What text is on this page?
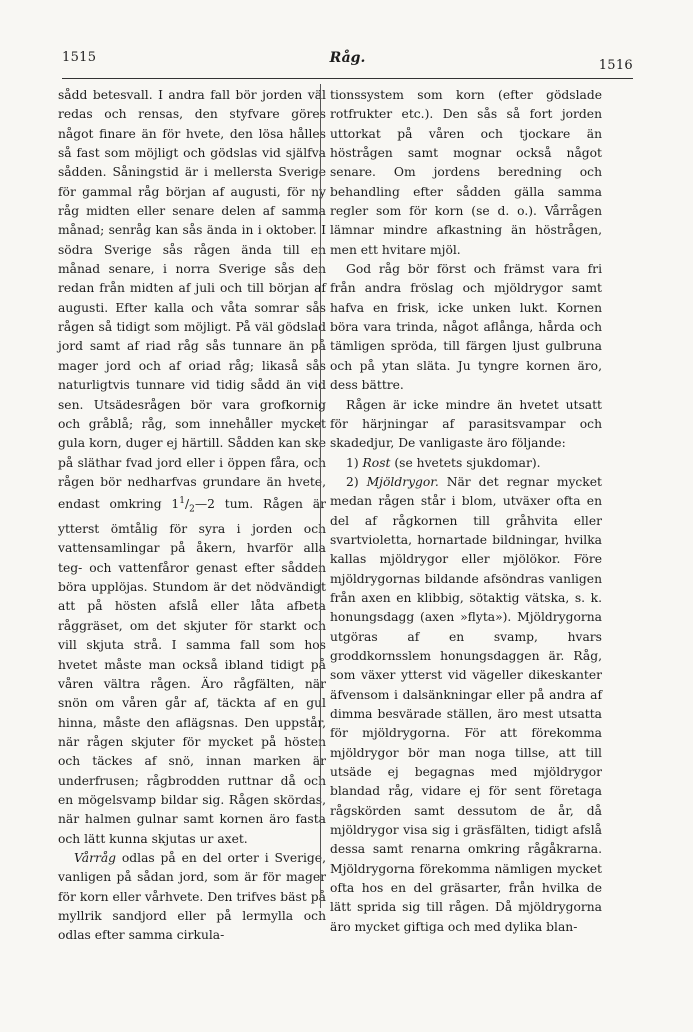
1515	Råg.	1516

sådd betesvall. I andra fall bör jorden väl redas och rensas, den styfvare göres något finare än för hvete, den lösa hålles så fast som möjligt och gödslas vid själfva sådden. Såningstid är i mellersta Sverige för gammal råg början af augusti, för ny råg midten eller senare delen af samma månad; senråg kan sås ända in i oktober. I södra Sverige sås rågen ända till en månad senare, i norra Sverige sås den redan från midten af juli och till början af augusti. Efter kalla och våta somrar sås rågen så tidigt som möjligt. På väl gödslad jord samt af riad råg sås tunnare än på mager jord och af oriad råg; likaså sås naturligtvis tunnare vid tidig sådd än vid sen. Utsädesrågen bör vara grofkornig och gråblå; råg, som innehåller mycket gula korn, duger ej härtill. Sådden kan ske på släthar fvad jord eller i öppen fåra, och rågen bör nedharfvas grundare än hvete, endast omkring $1^1/_2—2$ tum. Rågen är ytterst ömtålig för syra i jorden och vattensamlingar på åkern, hvarför alla teg- och vattenfåror genast efter sådden böra upplöjas. Stundom är det nödvändigt att på hösten afslå eller låta afbeta råggräset, om det skjuter för starkt och vill skjuta strå. I samma fall som hos hvetet måste man också ibland tidigt på våren vältra rågen. Äro rågfälten, när snön om våren går af, täckta af en gul hinna, måste den aflägsnas. Den uppstår, när rågen skjuter för mycket på hösten och täckes af snö, innan marken är underfrusen; rågbrodden ruttnar då och en mögelsvamp bildar sig. Rågen skördas, när halmen gulnar samt kornen äro fasta och lätt kunna skjutas ur axet.

Vårråg odlas på en del orter i Sverige, vanligen på sådan jord, som är för mager för korn eller vårhvete. Den trifves bäst på myllrik sandjord eller på lermylla och odlas efter samma cirkula-

tionssystem som korn (efter gödslade rotfrukter etc.). Den sås så fort jorden uttorkat på våren och tjockare än höstrågen samt mognar också något senare. Om jordens beredning och behandling efter sådden gälla samma regler som för korn (se d. o.). Vårrågen lämnar mindre afkastning än höstrågen, men ett hvitare mjöl.

God råg bör först och främst vara fri från andra fröslag och mjöldrygor samt hafva en frisk, icke unken lukt. Kornen böra vara trinda, något aflånga, hårda och tämligen spröda, till färgen ljust gulbruna och på ytan släta. Ju tyngre kornen äro, dess bättre.

Rågen är icke mindre än hvetet utsatt för härjningar af parasitsvampar och skadedjur, De vanligaste äro följande:

1) Rost (se hvetets sjukdomar).

2) Mjöldrygor. När det regnar mycket medan rågen står i blom, utväxer ofta en del af rågkornen till gråhvita eller svartvioletta, hornartade bildningar, hvilka kallas mjöldrygor eller mjölökor. Före mjöldrygornas bildande afsöndras vanligen från axen en klibbig, sötaktig vätska, s. k. honungsdagg (axen »flyta»). Mjöldrygorna utgöras af en svamp, hvars groddkornsslem honungsdaggen är. Råg, som växer ytterst vid vägeller dikeskanter äfvensom i dalsänkningar eller på andra af dimma besvärade ställen, äro mest utsatta för mjöldrygorna. För att förekomma mjöldrygor bör man noga tillse, att till utsäde ej begagnas med mjöldrygor blandad råg, vidare ej för sent företaga rågskörden samt dessutom de år, då mjöldrygor visa sig i gräsfälten, tidigt afslå dessa samt renarna omkring rågåkrarna. Mjöldrygorna förekomma nämligen mycket ofta hos en del gräsarter, från hvilka de lätt sprida sig till rågen. Då mjöldrygorna äro mycket giftiga och med dylika blan-
